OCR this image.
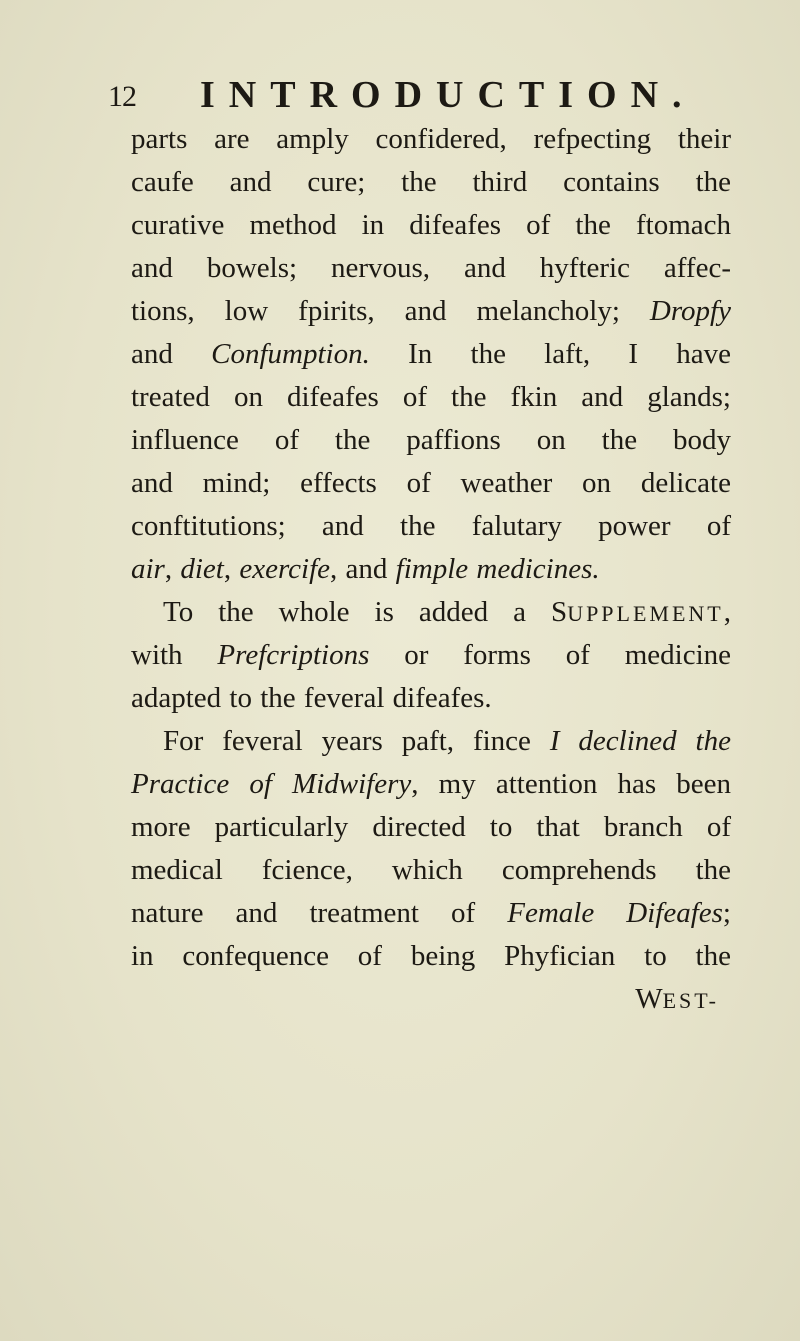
12 INTRODUCTION.
parts are amply confidered, refpecting their
caufe and cure; the third contains the
curative method in difeafes of the ftomach
and bowels; nervous, and hyfteric affec-
tions, low fpirits, and melancholy; Dropfy
and Confumption. In the laft, I have
treated on difeafes of the fkin and glands;
influence of the paffions on the body
and mind; effects of weather on delicate
conftitutions; and the falutary power of
air, diet, exercife, and fimple medicines.
To the whole is added a SUPPLEMENT,
with Prefcriptions or forms of medicine
adapted to the feveral difeafes.
For feveral years paft, fince I declined the
Practice of Midwifery, my attention has been
more particularly directed to that branch of
medical fcience, which comprehends the
nature and treatment of Female Difeafes;
in confequence of being Phyfician to the
WEST-
